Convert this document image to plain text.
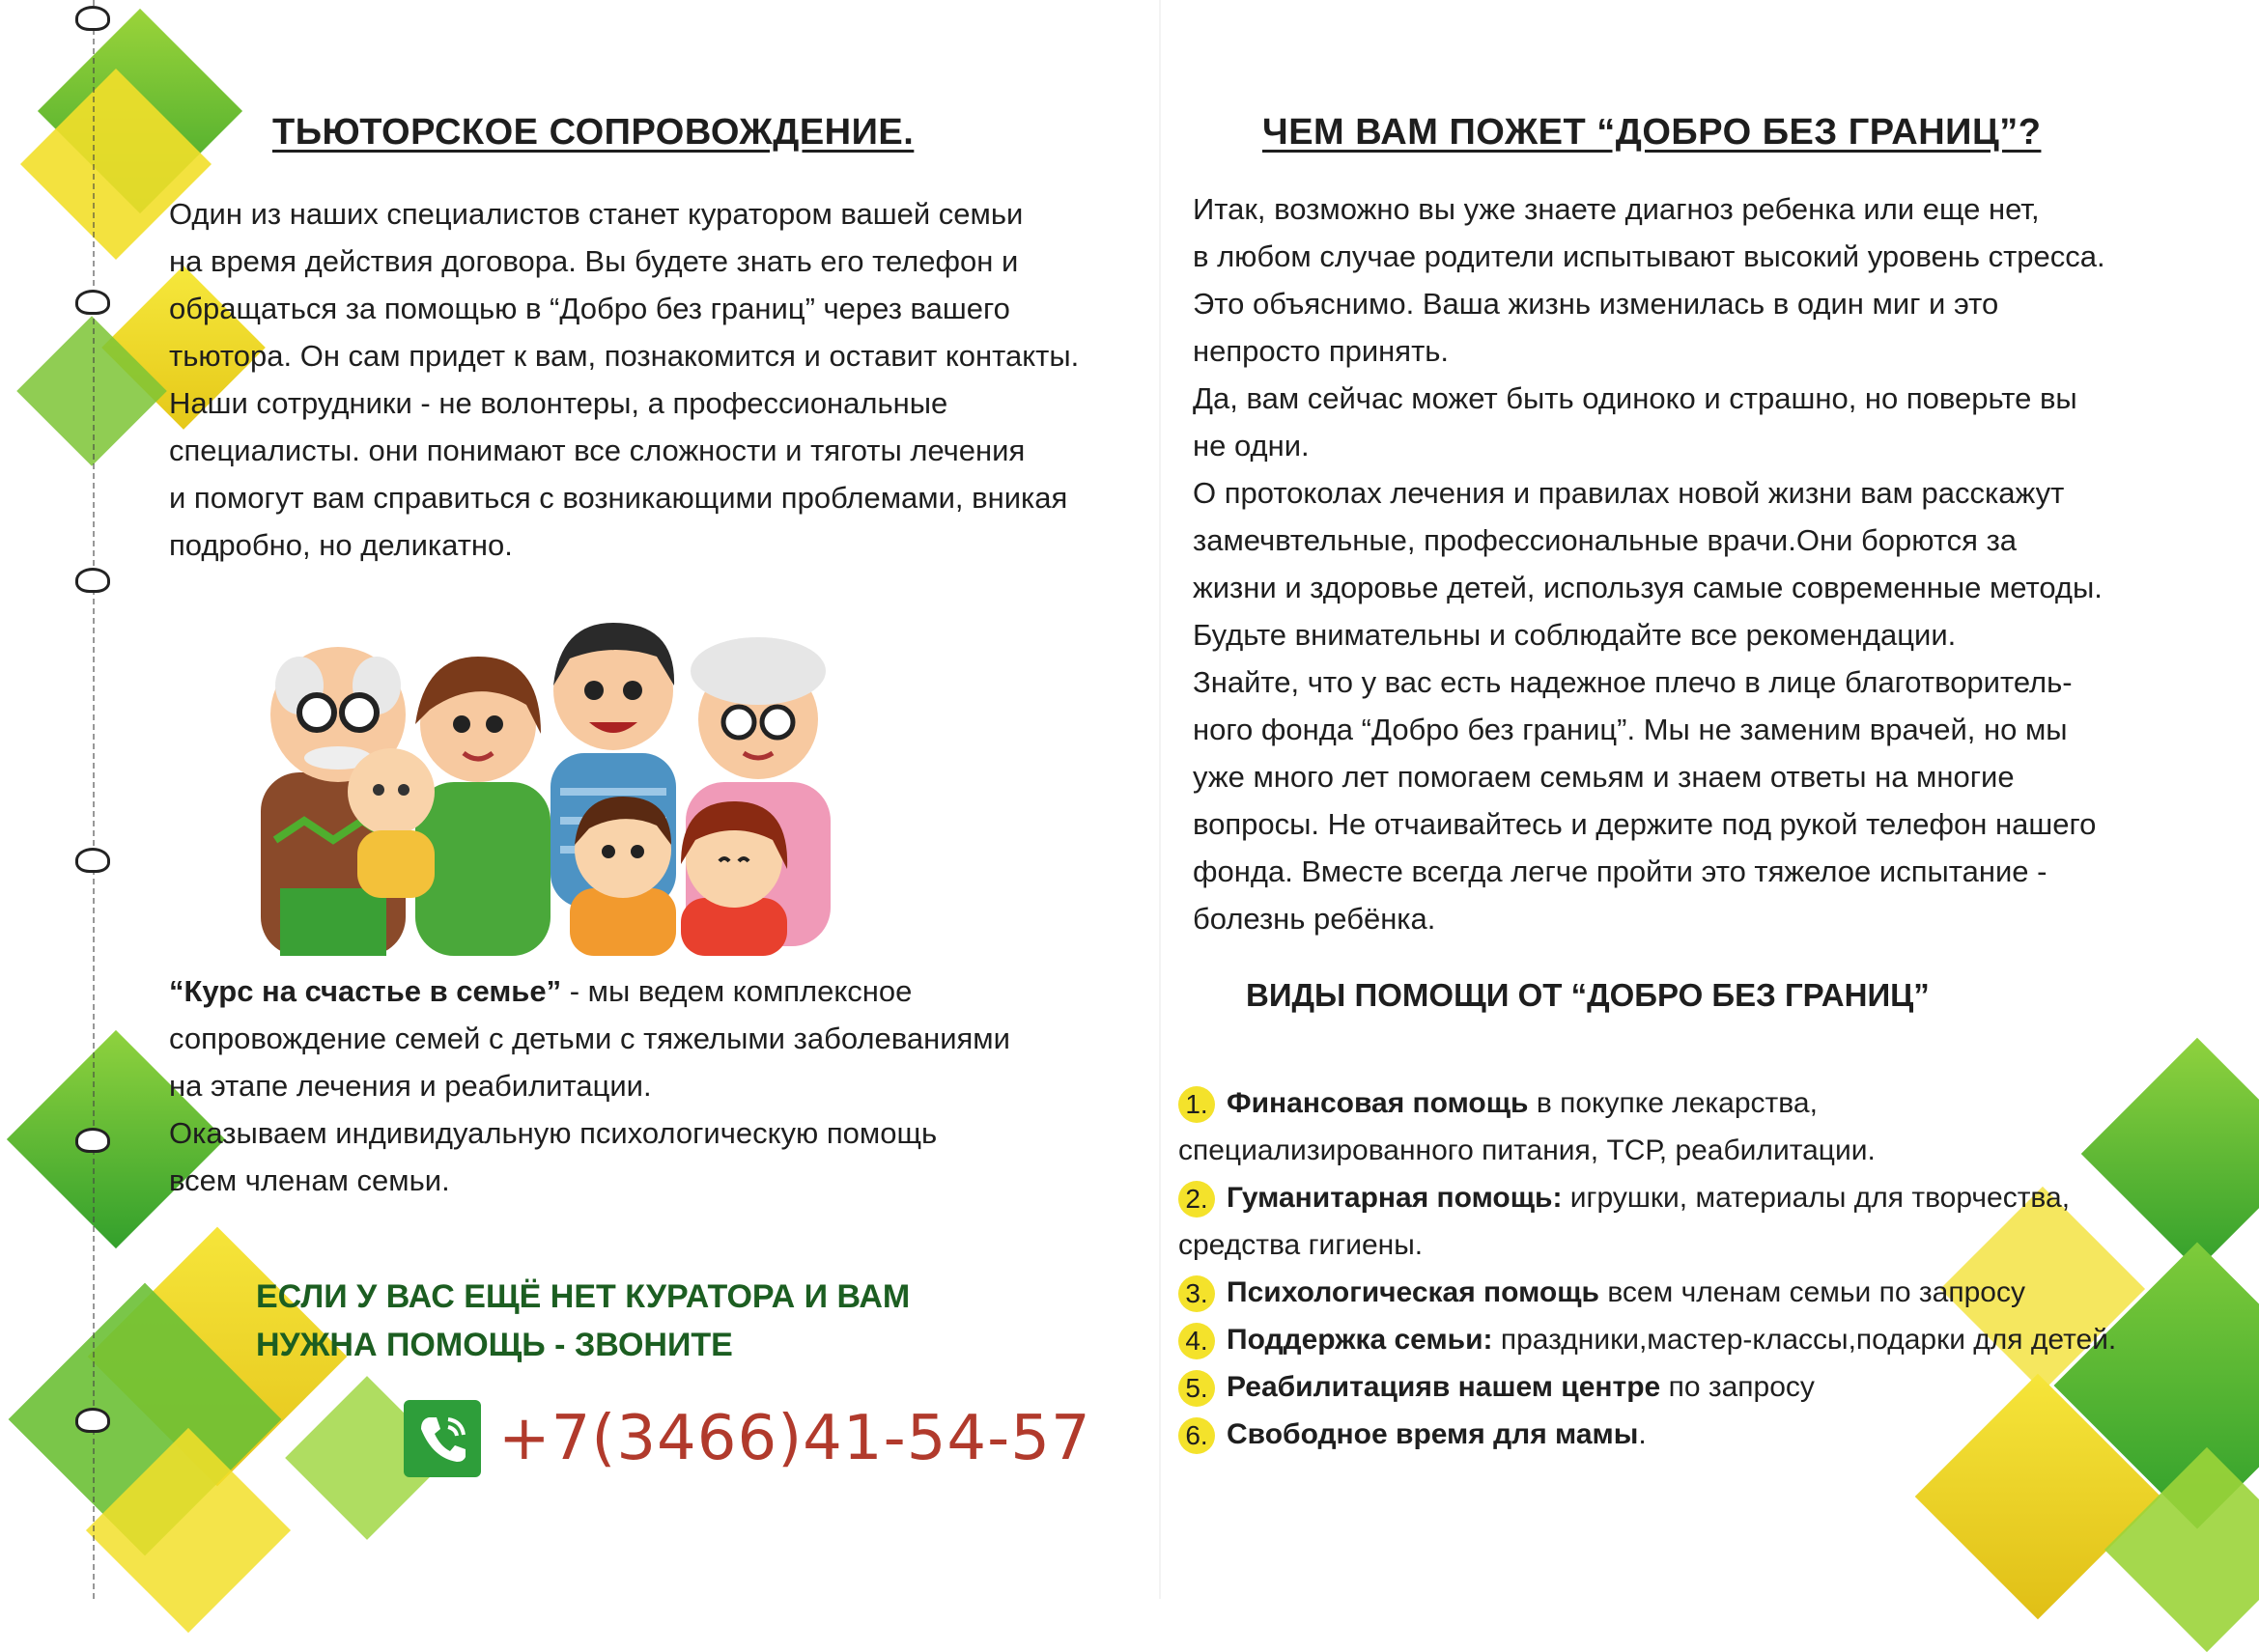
ТЬЮТОРСКОЕ СОПРОВОЖДЕНИЕ.

Один из наших специалистов станет куратором вашей семьи
на время действия договора. Вы будете знать его телефон и
обращаться за помощью в “Добро без границ” через вашего
тьютора. Он сам придет к вам, познакомится и оставит контакты.
Наши сотрудники - не волонтеры, а профессиональные
специалисты. они понимают все сложности и тяготы лечения
и помогут вам справиться с возникающими проблемами, вникая
подробно, но деликатно.

“Курс на счастье в семье” - мы ведем комплексное
сопровождение семей с детьми с тяжелыми заболеваниями
на этапе лечения и реабилитации.
Оказываем индивидуальную психологическую помощь
всем членам семьи.

ЕСЛИ У ВАС ЕЩЁ НЕТ КУРАТОРА И ВАМ
НУЖНА ПОМОЩЬ - ЗВОНИТЕ

+7(3466)41-54-57
ЧЕМ ВАМ ПОЖЕТ “ДОБРО БЕЗ ГРАНИЦ”?

Итак, возможно вы уже знаете диагноз ребенка или еще нет,
в любом случае родители испытывают высокий уровень стресса.
Это объяснимо. Ваша жизнь изменилась в один миг и это
непросто принять.
Да, вам сейчас может быть одиноко и страшно, но поверьте вы
не одни.
О протоколах лечения и правилах новой жизни вам расскажут
замечвтельные, профессиональные врачи.Они борются за
жизни и здоровье детей, используя самые современные методы.
Будьте внимательны и соблюдайте все рекомендации.
Знайте, что у вас есть надежное плечо в лице благотворитель-
ного фонда “Добро без границ”. Мы не заменим врачей, но мы
уже много лет помогаем семьям и знаем ответы на многие
вопросы. Не отчаивайтесь и держите под рукой телефон нашего
фонда. Вместе всегда легче пройти это тяжелое испытание -
болезнь ребёнка.

ВИДЫ ПОМОЩИ ОТ “ДОБРО БЕЗ ГРАНИЦ”
1. Финансовая помощь в покупке лекарства,
специализированного питания, ТСР, реабилитации.
2. Гуманитарная помощь: игрушки, материалы для творчества,
средства гигиены.
3. Психологическая помощь всем членам семьи по запросу
4. Поддержка семьи: праздники,мастер-классы,подарки для детей.
5. Реабилитацияв нашем центре по запросу
6. Свободное время для мамы.
